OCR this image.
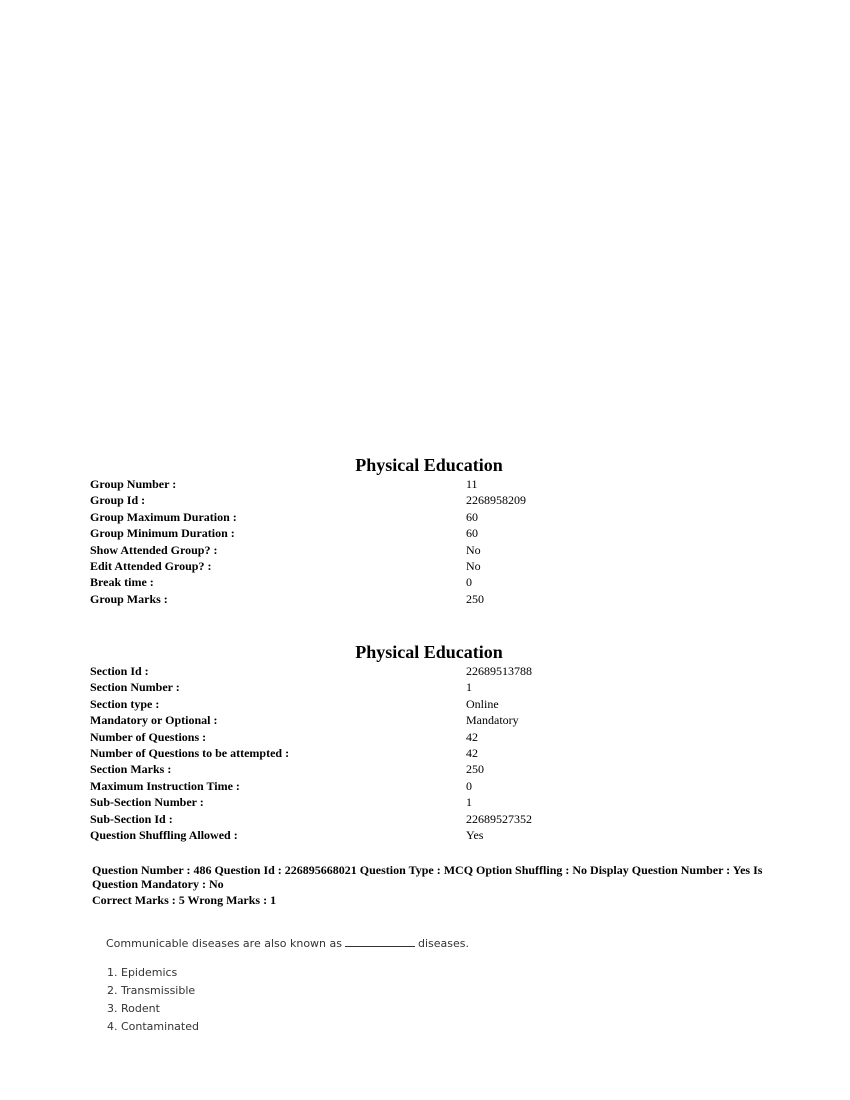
Physical Education
Group Number :	11
Group Id :	2268958209
Group Maximum Duration :	60
Group Minimum Duration :	60
Show Attended Group? :	No
Edit Attended Group? :	No
Break time :	0
Group Marks :	250
Physical Education
Section Id :	22689513788
Section Number :	1
Section type :	Online
Mandatory or Optional :	Mandatory
Number of Questions :	42
Number of Questions to be attempted :	42
Section Marks :	250
Maximum Instruction Time :	0
Sub-Section Number :	1
Sub-Section Id :	22689527352
Question Shuffling Allowed :	Yes

Question Number : 486 Question Id : 226895668021 Question Type : MCQ Option Shuffling : No Display Question Number : Yes Is Question Mandatory : No

Correct Marks : 5 Wrong Marks : 1

Communicable diseases are also known as	diseases.
1. Epidemics
2. Transmissible
3. Rodent
4. Contaminated
